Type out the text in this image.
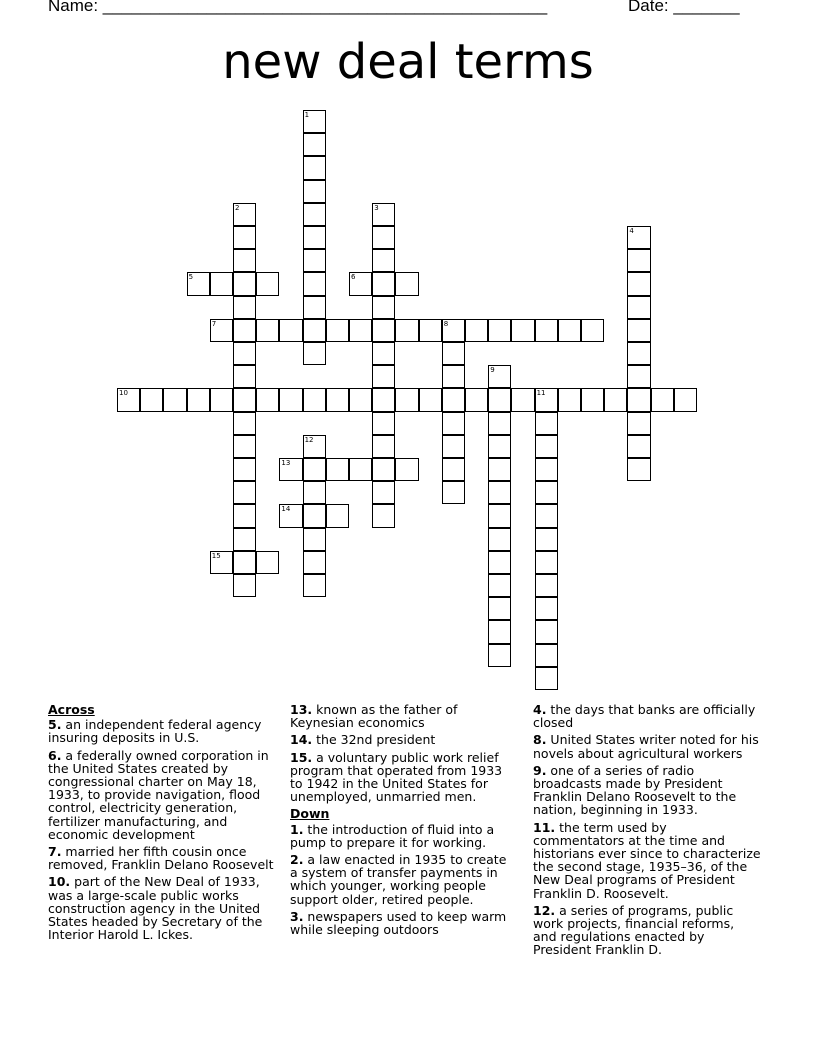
Name: _______________________________________________	Date: _______
new deal terms
1
2	3
4
5	6
7	8
9
10	11
12
13
14
15
Across
5. an independent federal agency insuring deposits in U.S.
6. a federally owned corporation in the United States created by congressional charter on May 18, 1933, to provide navigation, flood control, electricity generation, fertilizer manufacturing, and economic development
7. married her fifth cousin once removed, Franklin Delano Roosevelt
10. part of the New Deal of 1933, was a large-scale public works construction agency in the United States headed by Secretary of the Interior Harold L. Ickes.
13. known as the father of Keynesian economics
14. the 32nd president
15. a voluntary public work relief program that operated from 1933 to 1942 in the United States for unemployed, unmarried men.
Down
1. the introduction of fluid into a pump to prepare it for working.
2. a law enacted in 1935 to create a system of transfer payments in which younger, working people support older, retired people.
3. newspapers used to keep warm while sleeping outdoors
4. the days that banks are officially closed
8. United States writer noted for his novels about agricultural workers
9. one of a series of radio broadcasts made by President Franklin Delano Roosevelt to the nation, beginning in 1933.
11. the term used by commentators at the time and historians ever since to characterize the second stage, 1935–36, of the New Deal programs of President Franklin D. Roosevelt.
12. a series of programs, public work projects, financial reforms, and regulations enacted by President Franklin D.
